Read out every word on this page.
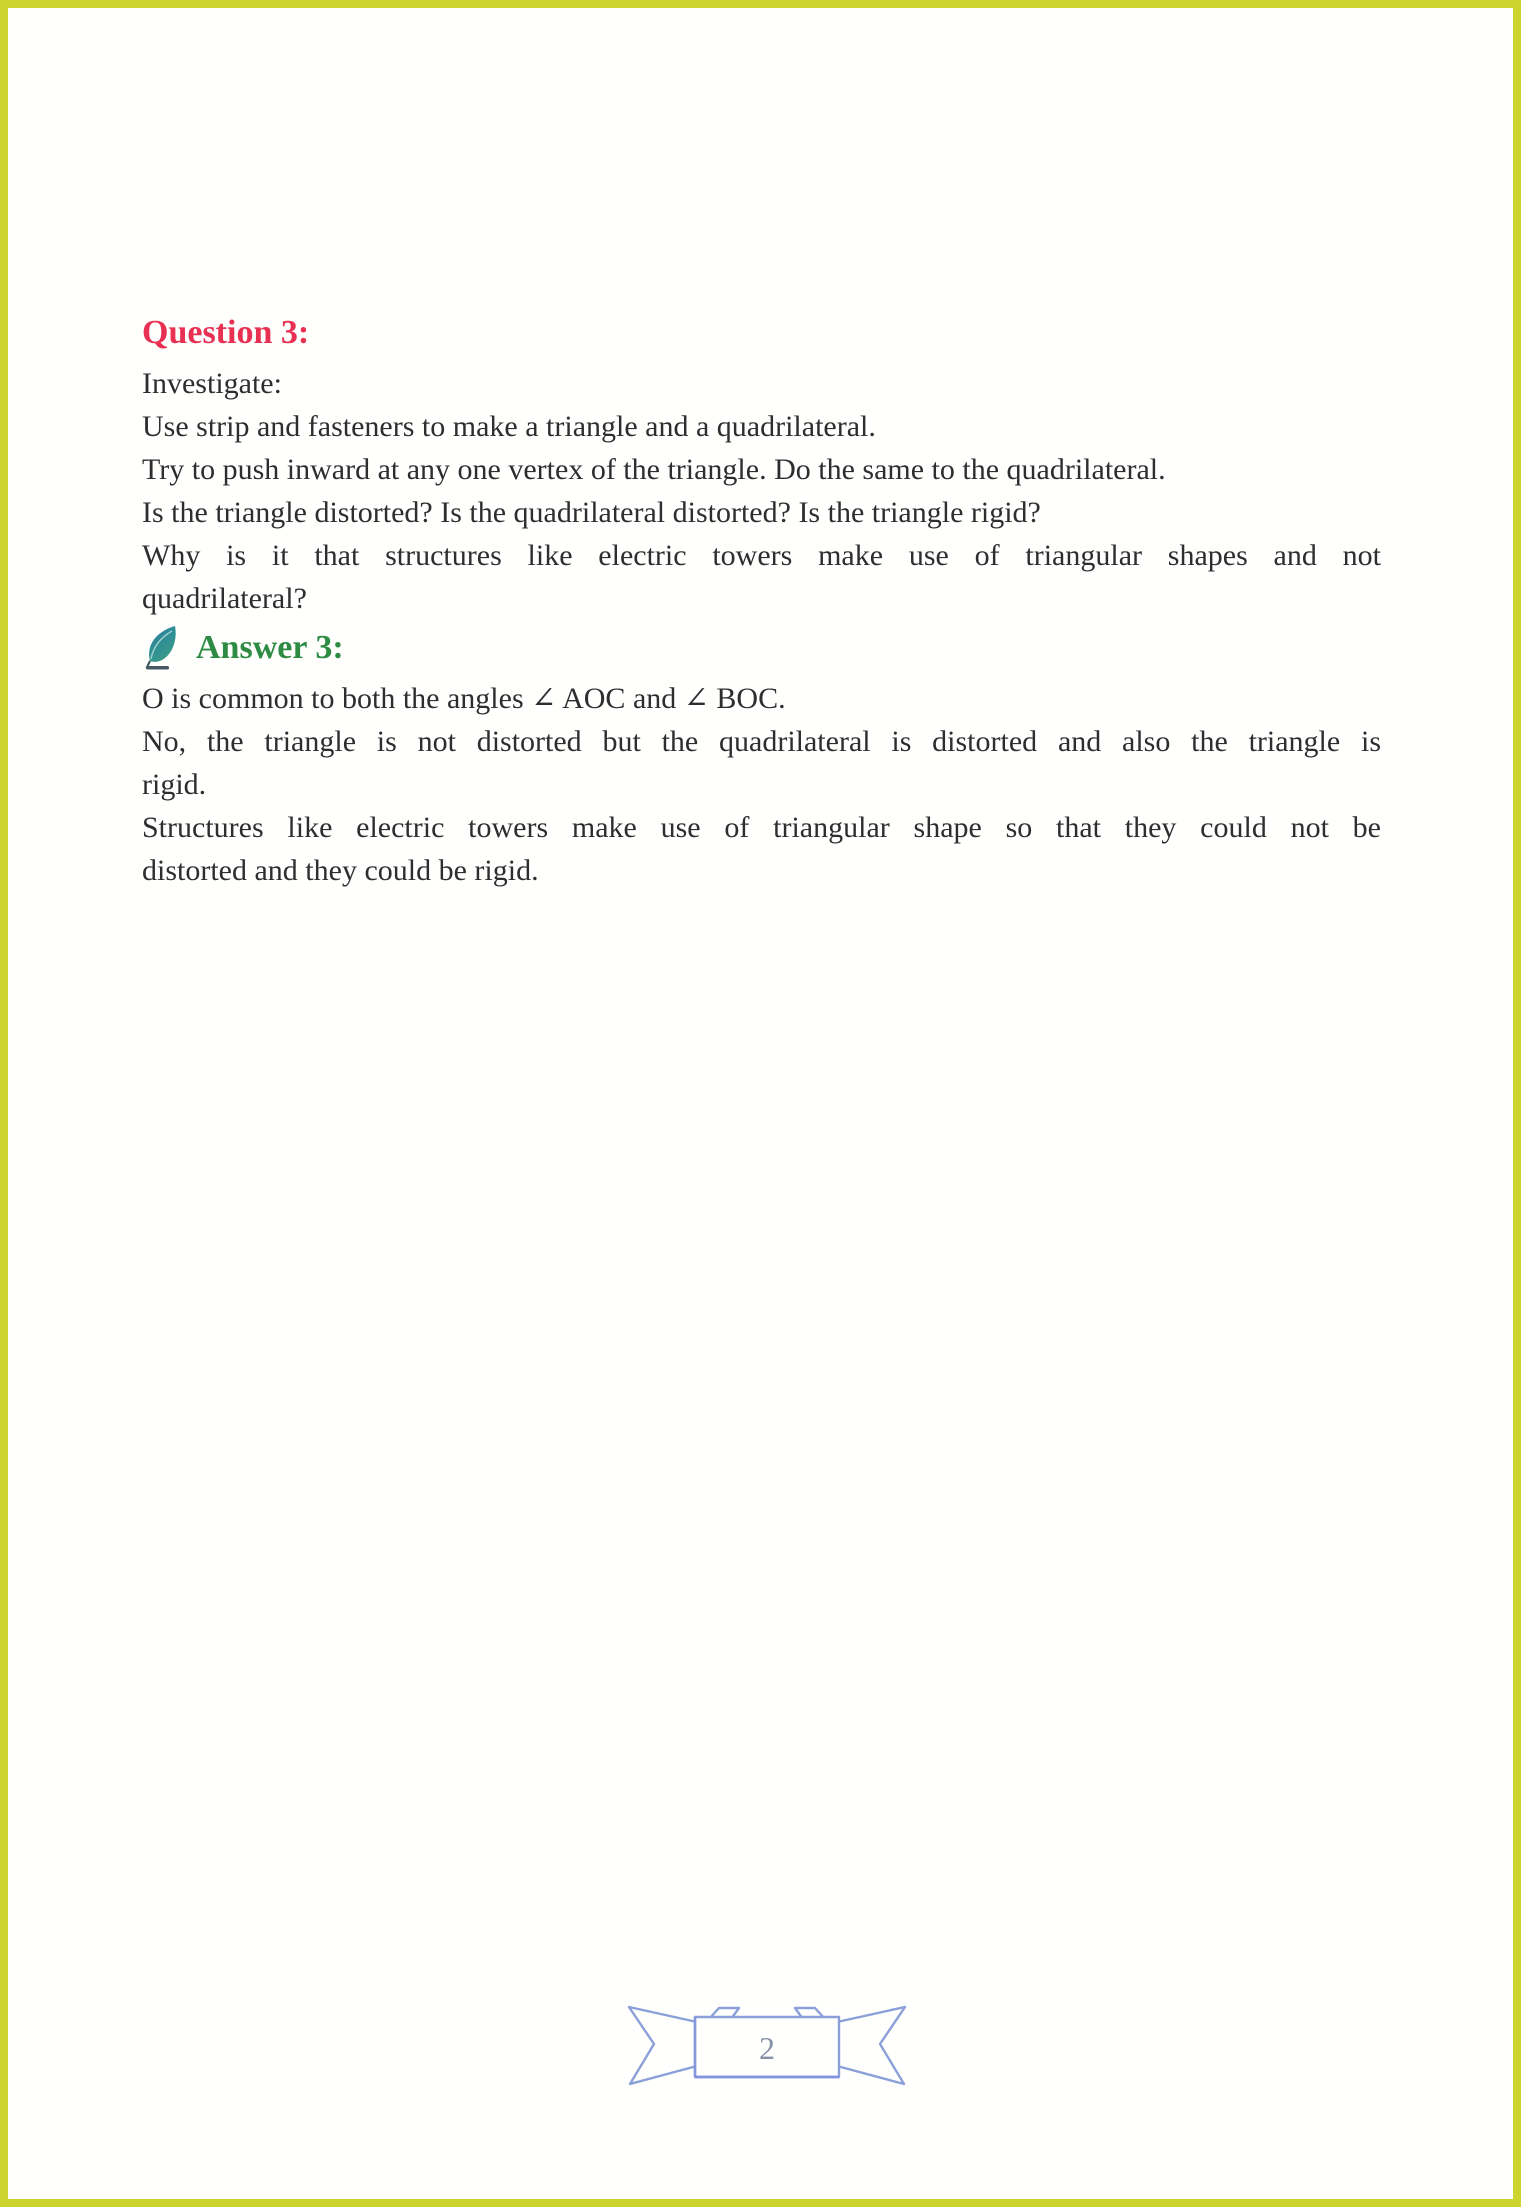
Question 3:

Investigate:

Use strip and fasteners to make a triangle and a quadrilateral.

Try to push inward at any one vertex of the triangle. Do the same to the quadrilateral.

Is the triangle distorted? Is the quadrilateral distorted? Is the triangle rigid?

Why is it that structures like electric towers make use of triangular shapes and not

quadrilateral?

Answer 3:

O is common to both the angles ∠ AOC and ∠ BOC.

No, the triangle is not distorted but the quadrilateral is distorted and also the triangle is

rigid.

Structures like electric towers make use of triangular shape so that they could not be

distorted and they could be rigid.

2
